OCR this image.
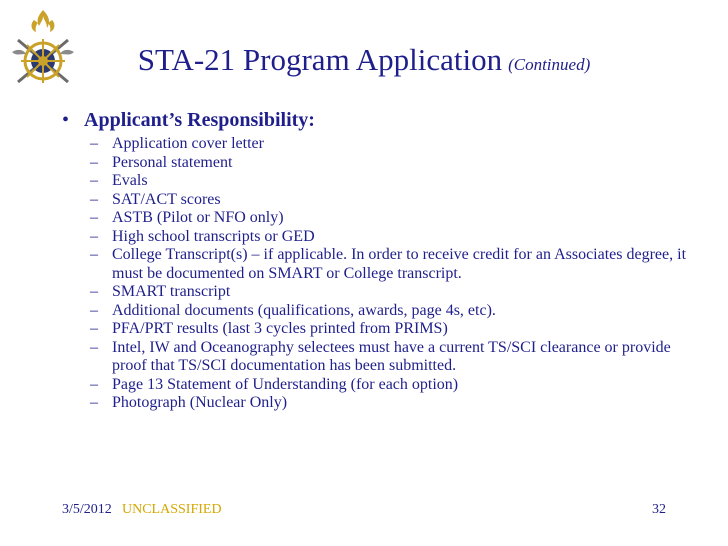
STA-21 Program Application (Continued)
• Applicant’s Responsibility:
– Application cover letter
– Personal statement
– Evals
– SAT/ACT scores
– ASTB (Pilot or NFO only)
– High school transcripts or GED
– College Transcript(s) – if applicable. In order to receive credit for an Associates degree, it must be documented on SMART or College transcript.
– SMART transcript
– Additional documents (qualifications, awards, page 4s, etc).
– PFA/PRT results (last 3 cycles printed from PRIMS)
– Intel, IW and Oceanography selectees must have a current TS/SCI clearance or provide proof that TS/SCI documentation has been submitted.
– Page 13 Statement of Understanding (for each option)
– Photograph (Nuclear Only)
3/5/2012 UNCLASSIFIED	32
